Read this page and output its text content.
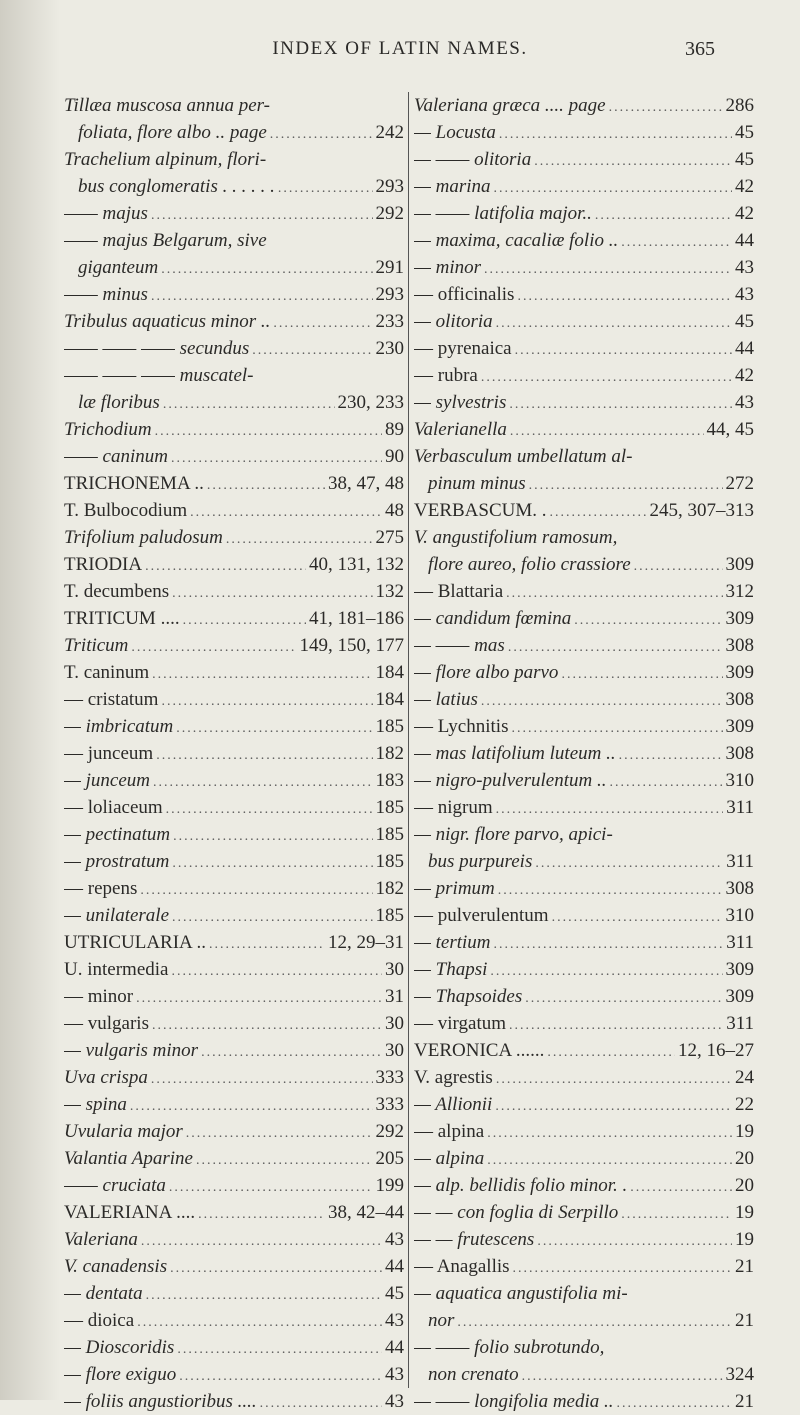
INDEX OF LATIN NAMES.	365
Tillæa muscosa annua per-
foliata, flore albo .. page .....	242
Trachelium alpinum, flori-
bus conglomeratis . . . . . . .....	293
—— majus .....	292
—— majus Belgarum, sive
giganteum .....	291
—— minus .....	293
Tribulus aquaticus minor .. .....	233
—— —— —— secundus .....	230
—— —— —— muscatel-
læ floribus .....	230, 233
Trichodium .....	89
—— caninum .....	90
TRICHONEMA .. .....	38, 47, 48
T. Bulbocodium .....	48
Trifolium paludosum .....	275
TRIODIA .....	40, 131, 132
T. decumbens .....	132
TRITICUM .... .....	41, 181–186
Triticum .....	149, 150, 177
T. caninum .....	184
— cristatum .....	184
— imbricatum .....	185
— junceum .....	182
— junceum .....	183
— loliaceum .....	185
— pectinatum .....	185
— prostratum .....	185
— repens .....	182
— unilaterale .....	185
UTRICULARIA .. .....	12, 29–31
U. intermedia .....	30
— minor .....	31
— vulgaris .....	30
— vulgaris minor .....	30
Uva crispa .....	333
— spina .....	333
Uvularia major .....	292
Valantia Aparine .....	205
—— cruciata .....	199
VALERIANA .... .....	38, 42–44
Valeriana .....	43
V. canadensis .....	44
— dentata .....	45
— dioica .....	43
— Dioscoridis .....	44
— flore exiguo .....	43
— foliis angustioribus .... .....	43
Valeriana græca .... page .....	286
— Locusta .....	45
— —— olitoria .....	45
— marina .....	42
— —— latifolia major.. .....	42
— maxima, cacaliæ folio .. .....	44
— minor .....	43
— officinalis .....	43
— olitoria .....	45
— pyrenaica .....	44
— rubra .....	42
— sylvestris .....	43
Valerianella .....	44, 45
Verbasculum umbellatum al-
pinum minus .....	272
VERBASCUM. . .....	245, 307–313
V. angustifolium ramosum,
flore aureo, folio crassiore .....	309
— Blattaria .....	312
— candidum fœmina .....	309
— —— mas .....	308
— flore albo parvo .....	309
— latius .....	308
— Lychnitis .....	309
— mas latifolium luteum .. .....	308
— nigro-pulverulentum .. .....	310
— nigrum .....	311
— nigr. flore parvo, apici-
bus purpureis .....	311
— primum .....	308
— pulverulentum .....	310
— tertium .....	311
— Thapsi .....	309
— Thapsoides .....	309
— virgatum .....	311
VERONICA ...... .....	12, 16–27
V. agrestis .....	24
— Allionii .....	22
— alpina .....	19
— alpina .....	20
— alp. bellidis folio minor. . .....	20
— — con foglia di Serpillo .....	19
— — frutescens .....	19
— Anagallis .....	21
— aquatica angustifolia mi-
nor .....	21
— —— folio subrotundo,
non crenato .....	324
— —— longifolia media .. .....	21
